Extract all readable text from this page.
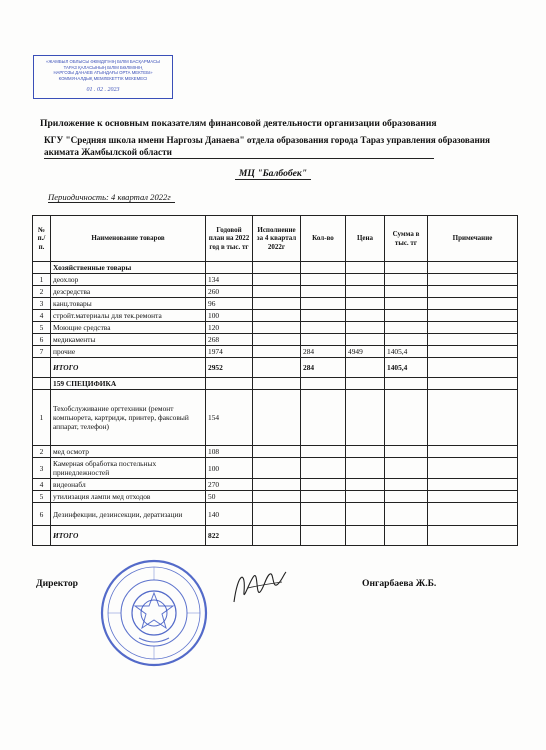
«ЖАМБЫЛ ОБЛЫСЫ ӘКІМДІГІНІҢ БІЛІМ БАСҚАРМАСЫ
ТАРАЗ ҚАЛАСЫНЫҢ БІЛІМ БӨЛІМІНІҢ
НАРГОЗЫ ДАНАЕВ АТЫНДАҒЫ ОРТА МЕКТЕБІ»
КОММУНАЛДЫҚ МЕМЛЕКЕТТІК МЕКЕМЕСІ
01 . 02 . 2023
Приложение к основным показателям финансовой деятельности организации образования
КГУ "Средняя школа имени Наргозы Данаева" отдела образования города Тараз управления образования
акимата Жамбылской области
МЦ "Балбобек"
Периодичность: 4 квартал 2022г
№ п./п.	Наименование товаров	Годовой план на 2022 год в тыс. тг	Исполнение за 4 квартал 2022г	Кол-во	Цена	Сумма в тыс. тг	Примечание
	Хозяйственные товары						
1	деохлор	134					
2	дезсредства	260					
3	канц.товары	96					
4	стройт.материалы для тек.ремонта	100					
5	Моющие средства	120					
6	медикаменты	268					
7	прочие	1974		284	4949	1405,4	
	ИТОГО	2952		284		1405,4	
	159 СПЕЦИФИКА						
1	Техобслуживание оргтехники (ремонт компьюрета, картридж, принтер, факсовый аппарат, телефон)	154					
2	мед осмотр	108					
3	Камерная обработка постельных принедлежностей	100					
4	видеонабл	270					
5	утилизация лампи мед отходов	50					
6	Дезинфекции, дезинсекции, дератизации	140					
	ИТОГО	822					
Директор	Онгарбаева Ж.Б.
